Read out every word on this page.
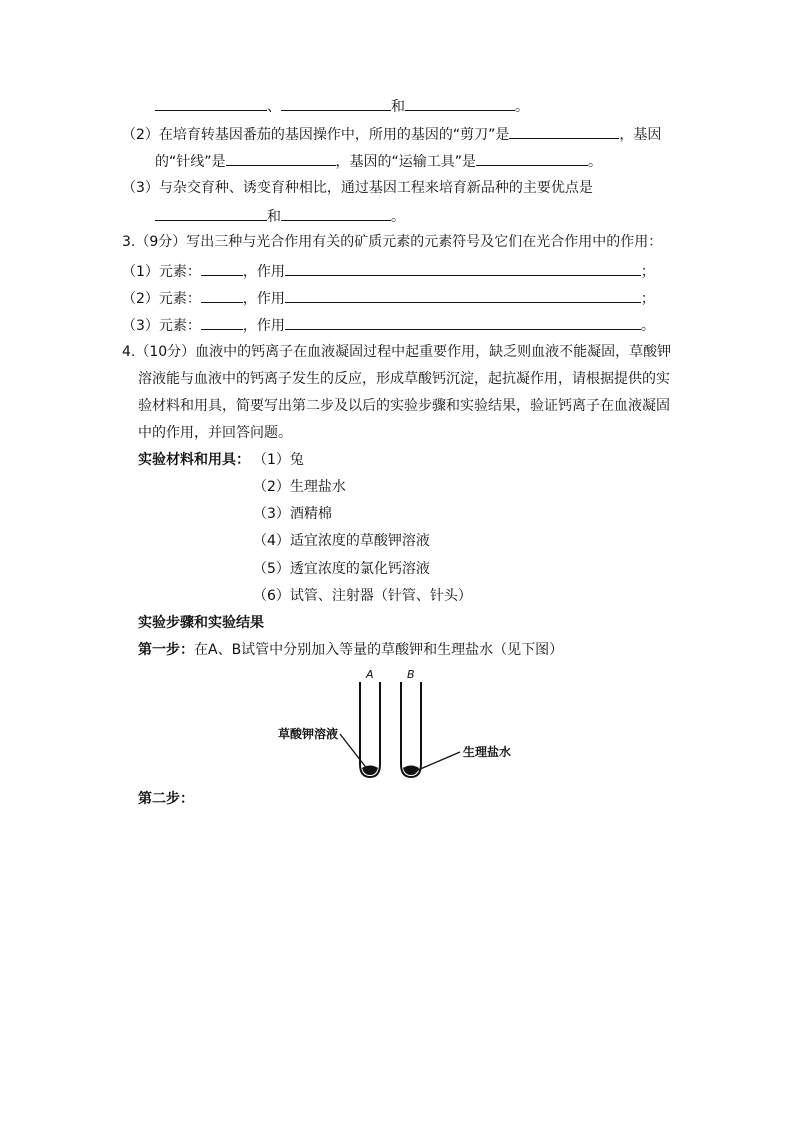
、	和	。
（2）在培育转基因番茄的基因操作中，所用的基因的“剪刀”是	，基因
的“针线”是	，基因的“运输工具”是	。
（3）与杂交育种、诱变育种相比，通过基因工程来培育新品种的主要优点是
和	。
3.（9分）写出三种与光合作用有关的矿质元素的元素符号及它们在光合作用中的作用：
（1）元素：	，作用	；
（2）元素：	，作用	；
（3）元素：	，作用	。
4.（10分）血液中的钙离子在血液凝固过程中起重要作用，缺乏则血液不能凝固，草酸钾
溶液能与血液中的钙离子发生的反应，形成草酸钙沉淀，起抗凝作用，请根据提供的实
验材料和用具，简要写出第二步及以后的实验步骤和实验结果，验证钙离子在血液凝固
中的作用，并回答问题。
实验材料和用具： （1）兔
（2）生理盐水
（3）酒精棉
（4）适宜浓度的草酸钾溶液
（5）透宜浓度的氯化钙溶液
（6）试管、注射器（针管、针头）
实验步骤和实验结果
第一步：在A、B试管中分别加入等量的草酸钾和生理盐水（见下图）
A	B
草酸钾溶液
生理盐水
第二步：
